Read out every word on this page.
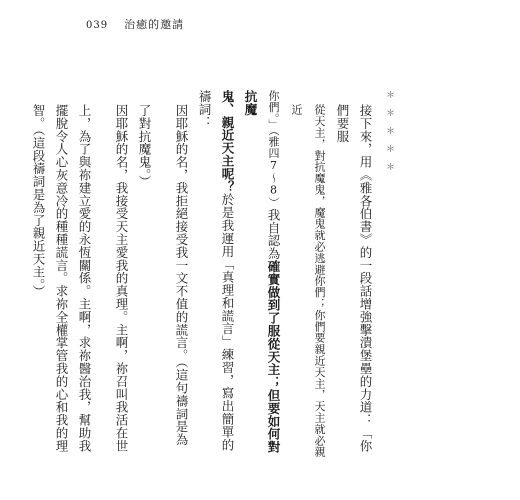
039 治癒的邀請

＊＊＊＊＊

接下來，用《雅各伯書》的一段話增強擊潰堡壘的力道：「你們要服

從天主，對抗魔鬼，魔鬼就必逃避你們；你們要親近天主，天主就必親近

你們。」（雅四7～8）我自認為確實做到了服從天主；但要如何對抗魔

鬼、親近天主呢？於是我運用「真理和謊言」練習，寫出簡單的禱詞：

因耶穌的名，我拒絕接受我一文不值的謊言。（這句禱詞是為

了對抗魔鬼。）

因耶穌的名，我接受天主愛我的真理。主啊，祢召叫我活在世

上，為了與祢建立愛的永恆關係。主啊，求祢醫治我，幫助我

擺脫令人心灰意冷的種種謊言。求祢全權掌管我的心和我的理

智。（這段禱詞是為了親近天主。）
